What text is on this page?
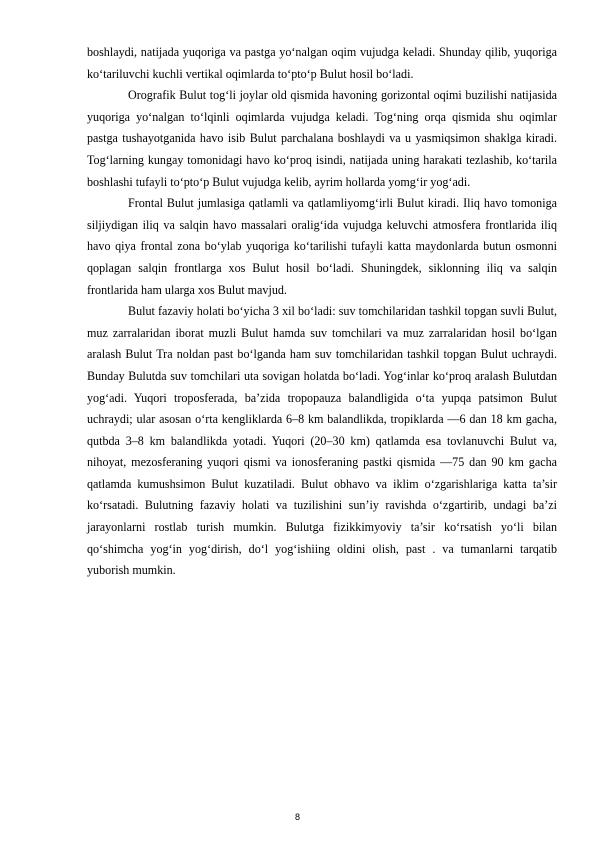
boshlaydi, natijada yuqoriga va pastga yo‘nalgan oqim vujudga keladi. Shunday qilib, yuqoriga ko‘tariluvchi kuchli vertikal oqimlarda to‘pto‘p Bulut hosil bo‘ladi.

Orografik Bulut tog‘li joylar old qismida havoning gorizontal oqimi buzilishi natijasida yuqoriga yo‘nalgan to‘lqinli oqimlarda vujudga keladi. Tog‘ning orqa qismida shu oqimlar pastga tushayotganida havo isib Bulut parchalana boshlaydi va u yasmiqsimon shaklga kiradi. Tog‘larning kungay tomonidagi havo ko‘proq isindi, natijada uning harakati tezlashib, ko‘tarila boshlashi tufayli to‘pto‘p Bulut vujudga kelib, ayrim hollarda yomg‘ir yog‘adi.

Frontal Bulut jumlasiga qatlamli va qatlamliyomg‘irli Bulut kiradi. Iliq havo tomoniga siljiydigan iliq va salqin havo massalari oralig‘ida vujudga keluvchi atmosfera frontlarida iliq havo qiya frontal zona bo‘ylab yuqoriga ko‘tarilishi tufayli katta maydonlarda butun osmonni qoplagan salqin frontlarga xos Bulut hosil bo‘ladi. Shuningdek, siklonning iliq va salqin frontlarida ham ularga xos Bulut mavjud.

Bulut fazaviy holati bo‘yicha 3 xil bo‘ladi: suv tomchilaridan tashkil topgan suvli Bulut, muz zarralaridan iborat muzli Bulut hamda suv tomchilari va muz zarralaridan hosil bo‘lgan aralash Bulut Tra noldan past bo‘lganda ham suv tomchilaridan tashkil topgan Bulut uchraydi. Bunday Bulutda suv tomchilari uta sovigan holatda bo‘ladi. Yog‘inlar ko‘proq aralash Bulutdan yog‘adi. Yuqori troposferada, ba’zida tropopauza balandligida o‘ta yupqa patsimon Bulut uchraydi; ular asosan o‘rta kengliklarda 6–8 km balandlikda, tropiklarda —6 dan 18 km gacha, qutbda 3–8 km balandlikda yotadi. Yuqori (20–30 km) qatlamda esa tovlanuvchi Bulut va, nihoyat, mezosferaning yuqori qismi va ionosferaning pastki qismida —75 dan 90 km gacha qatlamda kumushsimon Bulut kuzatiladi. Bulut obhavo va iklim o‘zgarishlariga katta ta’sir ko‘rsatadi. Bulutning fazaviy holati va tuzilishini sun’iy ravishda o‘zgartirib, undagi ba’zi jarayonlarni rostlab turish mumkin. Bulutga fizikkimyoviy ta’sir ko‘rsatish yo‘li bilan qo‘shimcha yog‘in yog‘dirish, do‘l yog‘ishiing oldini olish, past . va tumanlarni tarqatib yuborish mumkin.

8
